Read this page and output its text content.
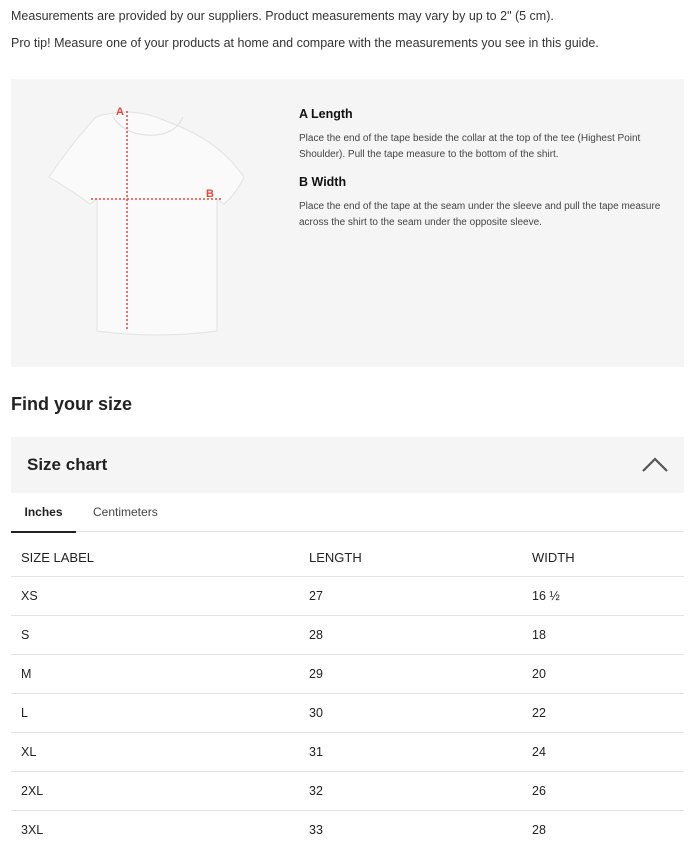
Measurements are provided by our suppliers. Product measurements may vary by up to 2" (5 cm).
Pro tip! Measure one of your products at home and compare with the measurements you see in this guide.
A
B
A Length
Place the end of the tape beside the collar at the top of the tee (Highest Point Shoulder). Pull the tape measure to the bottom of the shirt.
B Width
Place the end of the tape at the seam under the sleeve and pull the tape measure across the shirt to the seam under the opposite sleeve.
Find your size
Size chart
Inches	Centimeters
SIZE LABEL	LENGTH	WIDTH
XS	27	16 ½
S	28	18
M	29	20
L	30	22
XL	31	24
2XL	32	26
3XL	33	28
